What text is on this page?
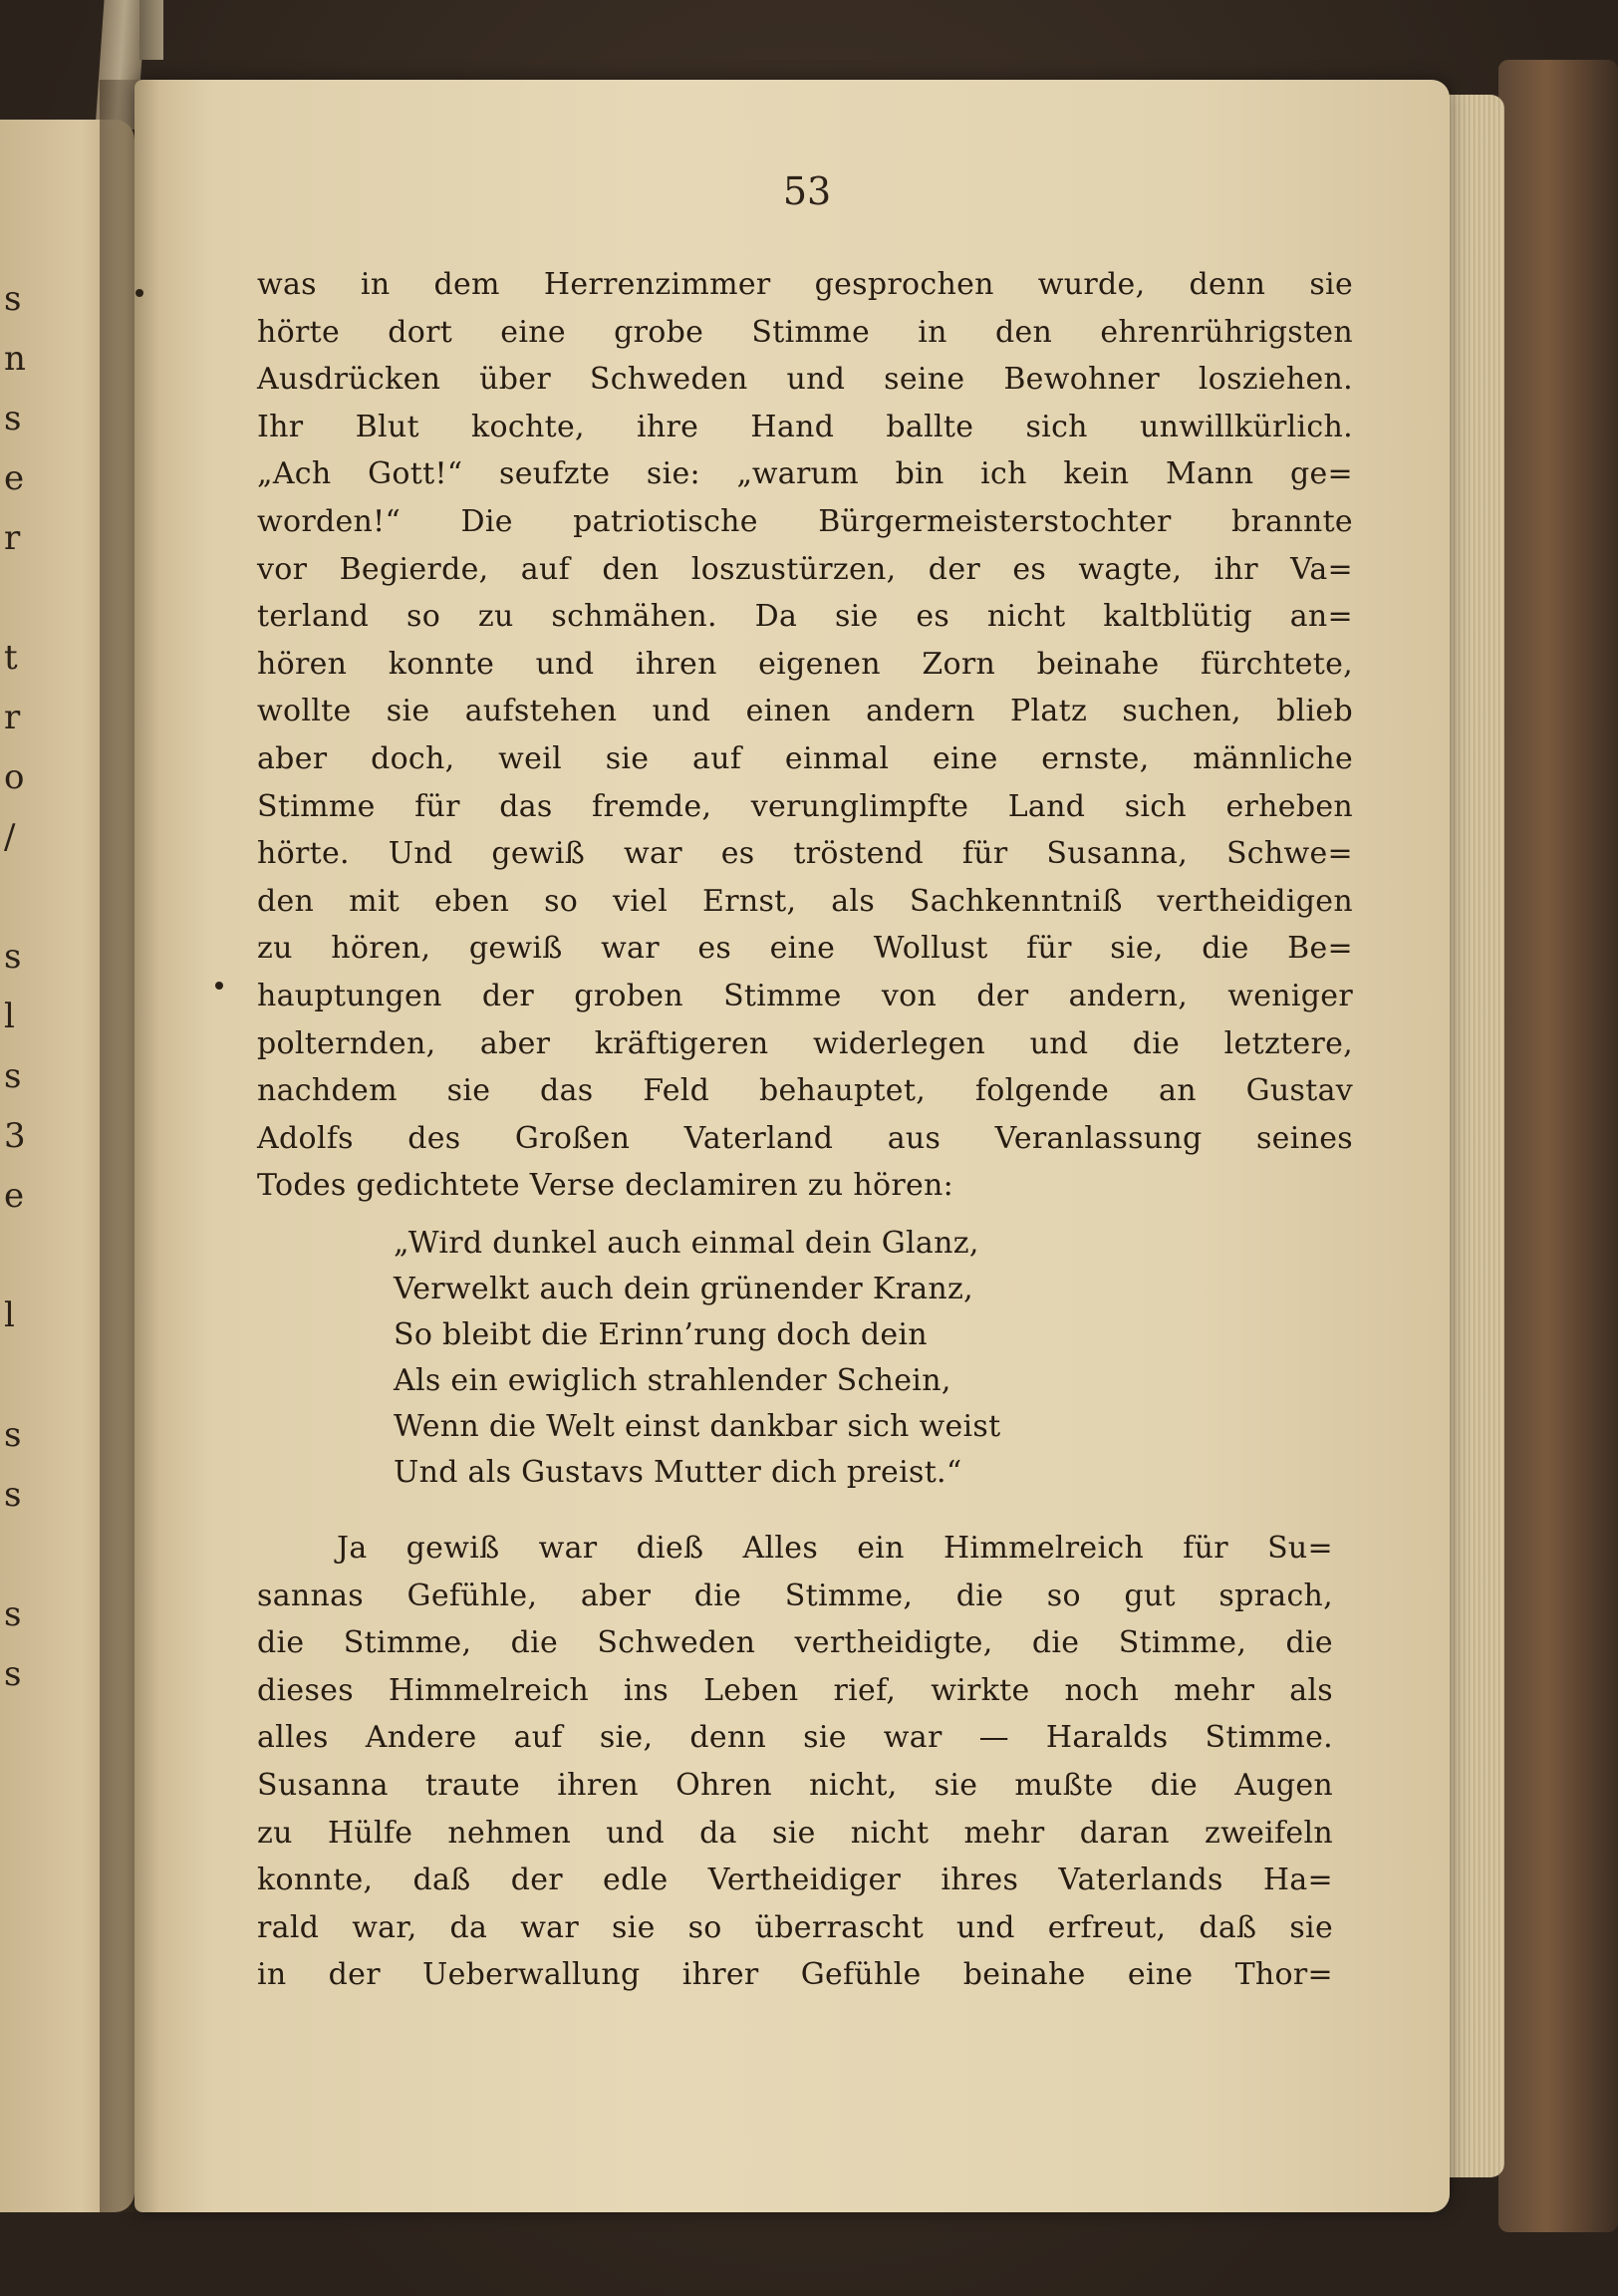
s
n
s
e
r
t
r
o
/
s
l
s
3
e
l
s
s
s
s
53
was in dem Herrenzimmer gesprochen wurde, denn sie
hörte dort eine grobe Stimme in den ehrenrührigsten
Ausdrücken über Schweden und seine Bewohner losziehen.
Ihr Blut kochte, ihre Hand ballte sich unwillkürlich.
„Ach Gott!“ seufzte sie: „warum bin ich kein Mann ge=
worden!“ Die patriotische Bürgermeisterstochter brannte
vor Begierde, auf den loszustürzen, der es wagte, ihr Va=
terland so zu schmähen. Da sie es nicht kaltblütig an=
hören konnte und ihren eigenen Zorn beinahe fürchtete,
wollte sie aufstehen und einen andern Platz suchen, blieb
aber doch, weil sie auf einmal eine ernste, männliche
Stimme für das fremde, verunglimpfte Land sich erheben
hörte. Und gewiß war es tröstend für Susanna, Schwe=
den mit eben so viel Ernst, als Sachkenntniß vertheidigen
zu hören, gewiß war es eine Wollust für sie, die Be=
hauptungen der groben Stimme von der andern, weniger
polternden, aber kräftigeren widerlegen und die letztere,
nachdem sie das Feld behauptet, folgende an Gustav
Adolfs des Großen Vaterland aus Veranlassung seines
Todes gedichtete Verse declamiren zu hören:
„Wird dunkel auch einmal dein Glanz,
Verwelkt auch dein grünender Kranz,
So bleibt die Erinn’rung doch dein
Als ein ewiglich strahlender Schein,
Wenn die Welt einst dankbar sich weist
Und als Gustavs Mutter dich preist.“
Ja gewiß war dieß Alles ein Himmelreich für Su=
sannas Gefühle, aber die Stimme, die so gut sprach,
die Stimme, die Schweden vertheidigte, die Stimme, die
dieses Himmelreich ins Leben rief, wirkte noch mehr als
alles Andere auf sie, denn sie war — Haralds Stimme.
Susanna traute ihren Ohren nicht, sie mußte die Augen
zu Hülfe nehmen und da sie nicht mehr daran zweifeln
konnte, daß der edle Vertheidiger ihres Vaterlands Ha=
rald war, da war sie so überrascht und erfreut, daß sie
in der Ueberwallung ihrer Gefühle beinahe eine Thor=
